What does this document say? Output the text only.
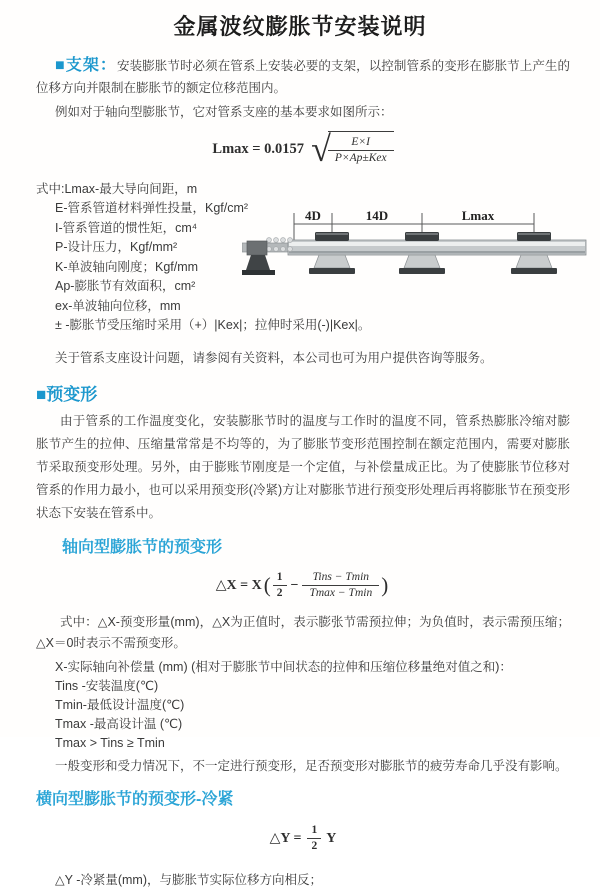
金属波纹膨胀节安装说明

■支架：安装膨胀节时必须在管系上安装必要的支架，以控制管系的变形在膨胀节上产生的位移方向并限制在膨胀节的额定位移范围内。

例如对于轴向型膨胀节，它对管系支座的基本要求如图所示：

Lmax = 0.0157 √
$\frac{E\times I}{\text{P×Ap±Kex}}$

式中:Lmax-最大导向间距，m

E-管系管道材料弹性投量，Kgf/cm²

I-管系管道的惯性矩，cm⁴

P-设计压力，Kgf/mm²

K-单波轴向刚度；Kgf/mm

Ap-膨胀节有效面积，cm²

ex-单波轴向位移，mm

± -膨胀节受压缩时采用（+）|Kex|；拉伸时采用(-)|Kex|。

关于管系支座设计问题，请参阅有关资料，本公司也可为用户提供咨询等服务。

4D	14D	Lmax
■预变形

由于管系的工作温度变化，安装膨胀节时的温度与工作时的温度不同，管系热膨胀冷缩对膨胀节产生的拉伸、压缩量常常是不均等的，为了膨胀节变形范围控制在额定范围内，需要对膨胀节采取预变形处理。另外，由于膨账节刚度是一个定值，与补偿量成正比。为了使膨胀节位移对管系的作用力最小，也可以采用预变形(冷紧)方让对膨胀节进行预变形处理后再将膨胀节在预变形状态下安装在管系中。

轴向型膨胀节的预变形
△X = X ( $\frac{1}{2} - \frac{\text{Tins − Tmin}}{Tmax - Tmin}$ )

式中：△X-预变形量(mm)，△X为正值时，表示膨张节需预拉伸；为负值时，表示需预压缩；△X＝0时表示不需预变形。

X-实际轴向补偿量 (mm) (相对于膨胀节中间状态的拉伸和压缩位移量绝对值之和)：

Tins -安装温度(℃)

Tmin-最低设计温度(℃)

Tmax -最高设计温 (℃)

Tmax > Tins ≥ Tmin

一般变形和受力情况下，不一定进行预变形，足否预变形对膨胀节的疲劳寿命几乎没有影响。

横向型膨胀节的预变形-冷紧
△Y = $\frac{1}{2}$ Y

△Y -冷紧量(mm)，与膨胀节实际位移方向相反；
